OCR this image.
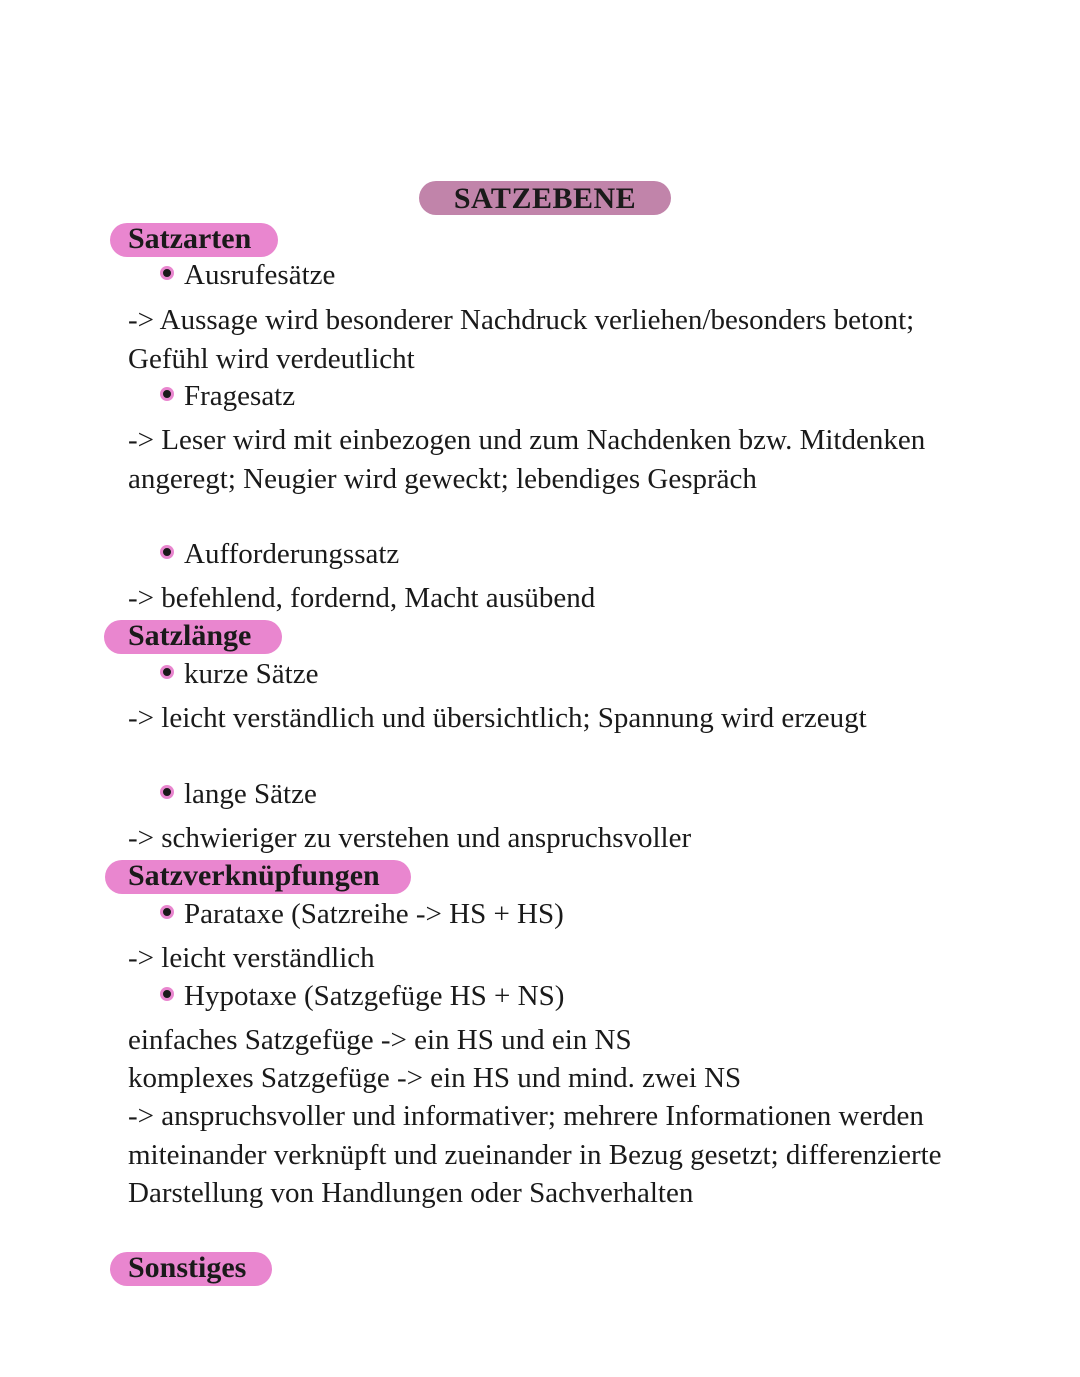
SATZEBENE
Satzarten
Ausrufesätze

-> Aussage wird besonderer Nachdruck verliehen/besonders betont; Gefühl wird verdeutlicht

Fragesatz

-> Leser wird mit einbezogen und zum Nachdenken bzw. Mitdenken angeregt; Neugier wird geweckt; lebendiges Gespräch

Aufforderungssatz

-> befehlend, fordernd, Macht ausübend

Satzlänge
kurze Sätze

-> leicht verständlich und übersichtlich; Spannung wird erzeugt

lange Sätze

-> schwieriger zu verstehen und anspruchsvoller

Satzverknüpfungen
Parataxe (Satzreihe -> HS + HS)

-> leicht verständlich

Hypotaxe (Satzgefüge HS + NS)

einfaches Satzgefüge -> ein HS und ein NS

komplexes Satzgefüge -> ein HS und mind. zwei NS

-> anspruchsvoller und informativer; mehrere Informationen werden miteinander verknüpft und zueinander in Bezug gesetzt; differenzierte Darstellung von Handlungen oder Sachverhalten

Sonstiges
